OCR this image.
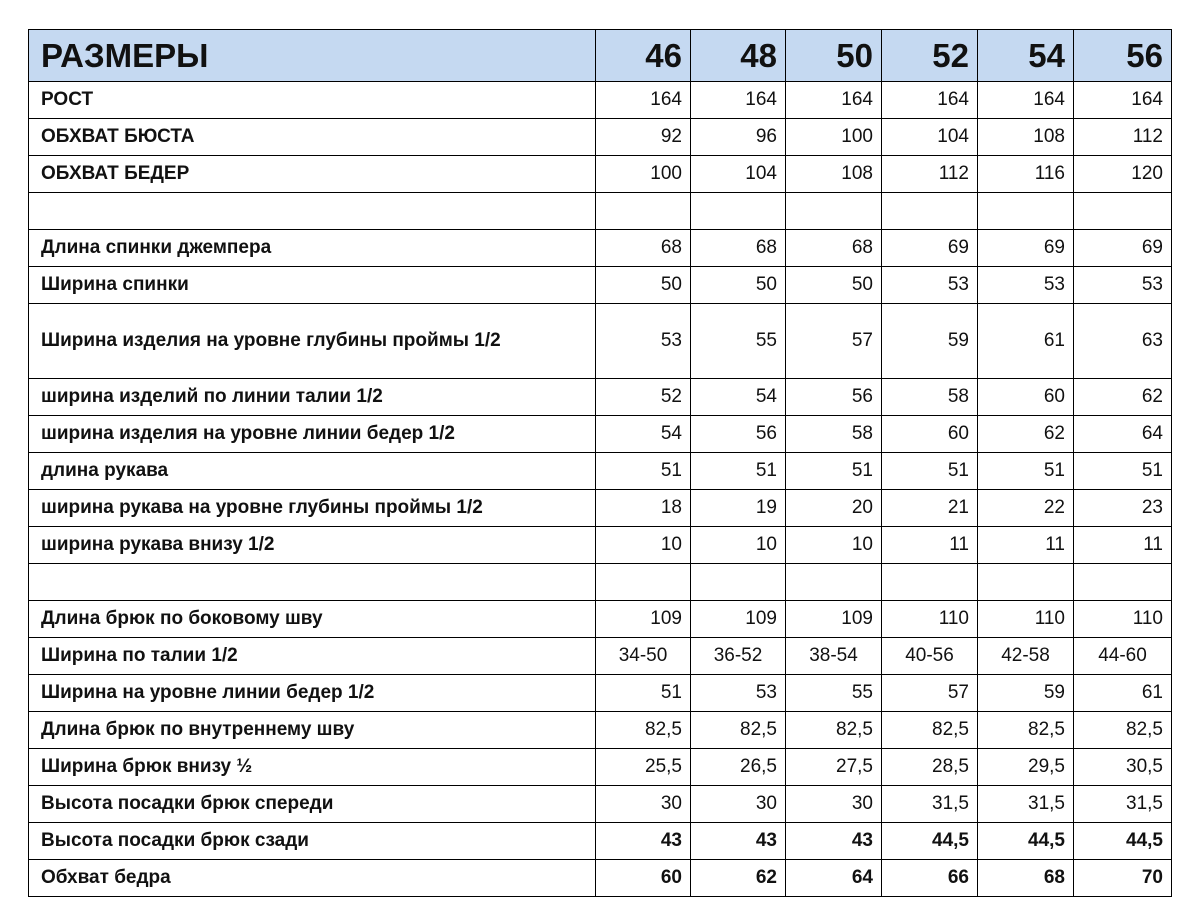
РАЗМЕРЫ	46	48	50	52	54	56
РОСТ	164	164	164	164	164	164
ОБХВАТ БЮСТА	92	96	100	104	108	112
ОБХВАТ БЕДЕР	100	104	108	112	116	120

Длина спинки джемпера	68	68	68	69	69	69
Ширина спинки	50	50	50	53	53	53
Ширина изделия на уровне глубины проймы 1/2	53	55	57	59	61	63
ширина изделий по линии талии 1/2	52	54	56	58	60	62
ширина изделия на уровне линии бедер 1/2	54	56	58	60	62	64
длина рукава	51	51	51	51	51	51
ширина рукава на уровне глубины проймы 1/2	18	19	20	21	22	23
ширина рукава внизу 1/2	10	10	10	11	11	11

Длина брюк по боковому шву	109	109	109	110	110	110
Ширина по талии 1/2	34-50	36-52	38-54	40-56	42-58	44-60
Ширина на уровне линии бедер 1/2	51	53	55	57	59	61
Длина брюк по внутреннему шву	82,5	82,5	82,5	82,5	82,5	82,5
Ширина брюк внизу ½	25,5	26,5	27,5	28,5	29,5	30,5
Высота посадки брюк спереди	30	30	30	31,5	31,5	31,5
Высота посадки брюк сзади	43	43	43	44,5	44,5	44,5
Обхват бедра	60	62	64	66	68	70
